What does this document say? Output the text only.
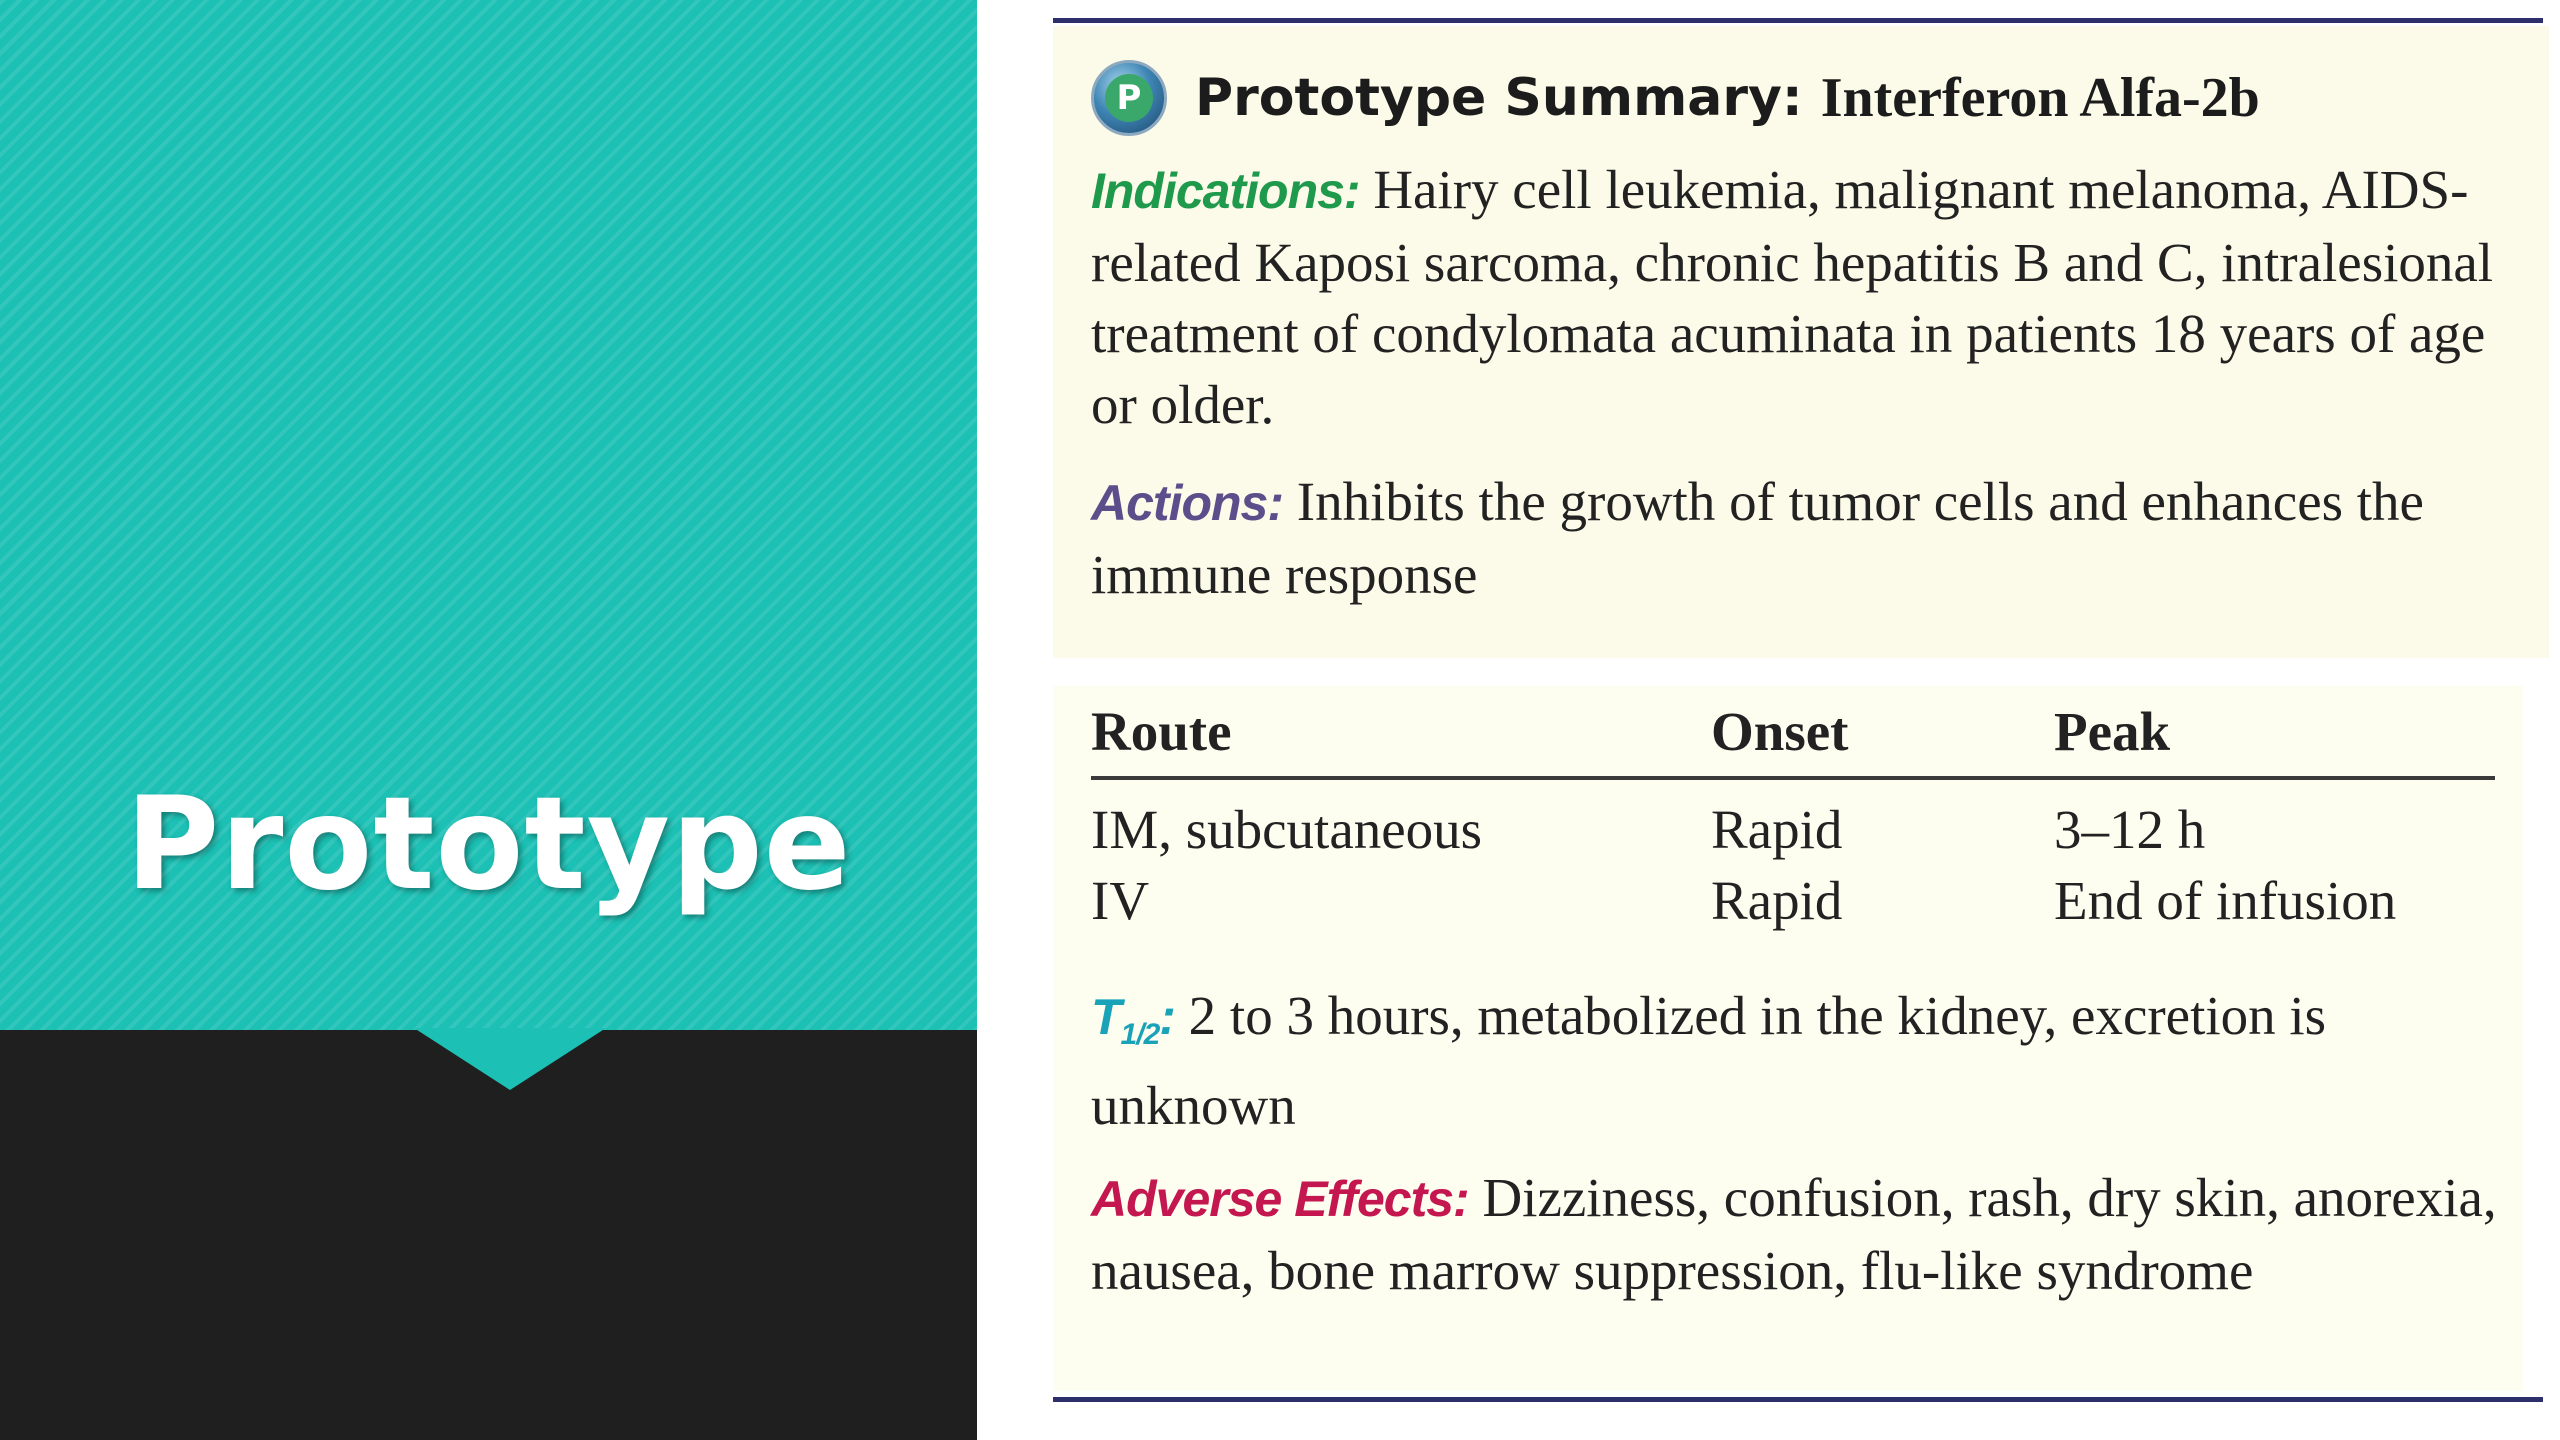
Prototype
P Prototype Summary : Interferon Alfa-2b
Indications: Hairy cell leukemia, malignant melanoma, AIDS-related Kaposi sarcoma, chronic hepatitis B and C, intralesional treatment of condylomata acuminata in patients 18 years of age or older.
Actions: Inhibits the growth of tumor cells and enhances the immune response
Route	Onset	Peak
IM, subcutaneous	Rapid	3–12 h
IV	Rapid	End of infusion
$T_{1/2}$: 2 to 3 hours, metabolized in the kidney, excretion is unknown
Adverse Effects: Dizziness, confusion, rash, dry skin, anorexia, nausea, bone marrow suppression, flu-like syndrome
